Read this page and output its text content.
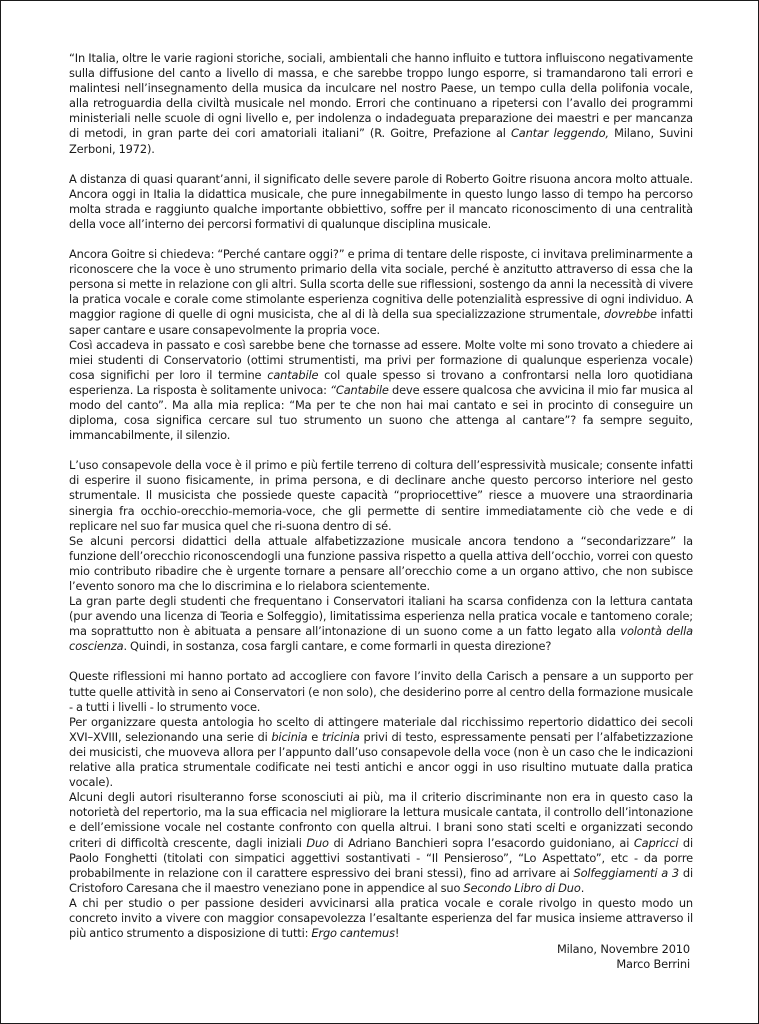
“In Italia, oltre le varie ragioni storiche, sociali, ambientali che hanno influito e tuttora influiscono negativamente sulla diffusione del canto a livello di massa, e che sarebbe troppo lungo esporre, si tramandarono tali errori e malintesi nell’insegnamento della musica da inculcare nel nostro Paese, un tempo culla della polifonia vocale, alla retroguardia della civiltà musicale nel mondo. Errori che continuano a ripetersi con l’avallo dei programmi ministeriali nelle scuole di ogni livello e, per indolenza o indadeguata preparazione dei maestri e per mancanza di metodi, in gran parte dei cori amatoriali italiani” (R. Goitre, Prefazione al Cantar leggendo, Milano, Suvini Zerboni, 1972).

A distanza di quasi quarant’anni, il significato delle severe parole di Roberto Goitre risuona ancora molto attuale. Ancora oggi in Italia la didattica musicale, che pure innegabilmente in questo lungo lasso di tempo ha percorso molta strada e raggiunto qualche importante obbiettivo, soffre per il mancato riconoscimento di una centralità della voce all’interno dei percorsi formativi di qualunque disciplina musicale.

Ancora Goitre si chiedeva: “Perché cantare oggi?” e prima di tentare delle risposte, ci invitava preliminarmente a riconoscere che la voce è uno strumento primario della vita sociale, perché è anzitutto attraverso di essa che la persona si mette in relazione con gli altri. Sulla scorta delle sue riflessioni, sostengo da anni la necessità di vivere la pratica vocale e corale come stimolante esperienza cognitiva delle potenzialità espressive di ogni individuo. A maggior ragione di quelle di ogni musicista, che al di là della sua specializzazione strumentale, dovrebbe infatti saper cantare e usare consapevolmente la propria voce.

Così accadeva in passato e così sarebbe bene che tornasse ad essere. Molte volte mi sono trovato a chiedere ai miei studenti di Conservatorio (ottimi strumentisti, ma privi per formazione di qualunque esperienza vocale) cosa significhi per loro il termine cantabile col quale spesso si trovano a confrontarsi nella loro quotidiana esperienza. La risposta è solitamente univoca: “Cantabile deve essere qualcosa che avvicina il mio far musica al modo del canto”. Ma alla mia replica: “Ma per te che non hai mai cantato e sei in procinto di conseguire un diploma, cosa significa cercare sul tuo strumento un suono che attenga al cantare”? fa sempre seguito, immancabilmente, il silenzio.

L’uso consapevole della voce è il primo e più fertile terreno di coltura dell’espressività musicale; consente infatti di esperire il suono fisicamente, in prima persona, e di declinare anche questo percorso interiore nel gesto strumentale. Il musicista che possiede queste capacità “propriocettive” riesce a muovere una straordinaria sinergia fra occhio-orecchio-memoria-voce, che gli permette di sentire immediatamente ciò che vede e di replicare nel suo far musica quel che ri-suona dentro di sé.

Se alcuni percorsi didattici della attuale alfabetizzazione musicale ancora tendono a “secondarizzare” la funzione dell’orecchio riconoscendogli una funzione passiva rispetto a quella attiva dell’occhio, vorrei con questo mio contributo ribadire che è urgente tornare a pensare all’orecchio come a un organo attivo, che non subisce l’evento sonoro ma che lo discrimina e lo rielabora scientemente.

La gran parte degli studenti che frequentano i Conservatori italiani ha scarsa confidenza con la lettura cantata (pur avendo una licenza di Teoria e Solfeggio), limitatissima esperienza nella pratica vocale e tantomeno corale; ma soprattutto non è abituata a pensare all’intonazione di un suono come a un fatto legato alla volontà della coscienza. Quindi, in sostanza, cosa fargli cantare, e come formarli in questa direzione?

Queste riflessioni mi hanno portato ad accogliere con favore l’invito della Carisch a pensare a un supporto per tutte quelle attività in seno ai Conservatori (e non solo), che desiderino porre al centro della formazione musicale - a tutti i livelli - lo strumento voce.

Per organizzare questa antologia ho scelto di attingere materiale dal ricchissimo repertorio didattico dei secoli XVI–XVIII, selezionando una serie di bicinia e tricinia privi di testo, espressamente pensati per l’alfabetizzazione dei musicisti, che muoveva allora per l’appunto dall’uso consapevole della voce (non è un caso che le indicazioni relative alla pratica strumentale codificate nei testi antichi e ancor oggi in uso risultino mutuate dalla pratica vocale).

Alcuni degli autori risulteranno forse sconosciuti ai più, ma il criterio discriminante non era in questo caso la notorietà del repertorio, ma la sua efficacia nel migliorare la lettura musicale cantata, il controllo dell’intonazione e dell’emissione vocale nel costante confronto con quella altrui. I brani sono stati scelti e organizzati secondo criteri di difficoltà crescente, dagli iniziali Duo di Adriano Banchieri sopra l’esacordo guidoniano, ai Capricci di Paolo Fonghetti (titolati con simpatici aggettivi sostantivati - “Il Pensieroso”, “Lo Aspettato”, etc - da porre probabilmente in relazione con il carattere espressivo dei brani stessi), fino ad arrivare ai Solfeggiamenti a 3 di Cristoforo Caresana che il maestro veneziano pone in appendice al suo Secondo Libro di Duo.

A chi per studio o per passione desideri avvicinarsi alla pratica vocale e corale rivolgo in questo modo un concreto invito a vivere con maggior consapevolezza l’esaltante esperienza del far musica insieme attraverso il più antico strumento a disposizione di tutti: Ergo cantemus!

Milano, Novembre 2010
Marco Berrini
